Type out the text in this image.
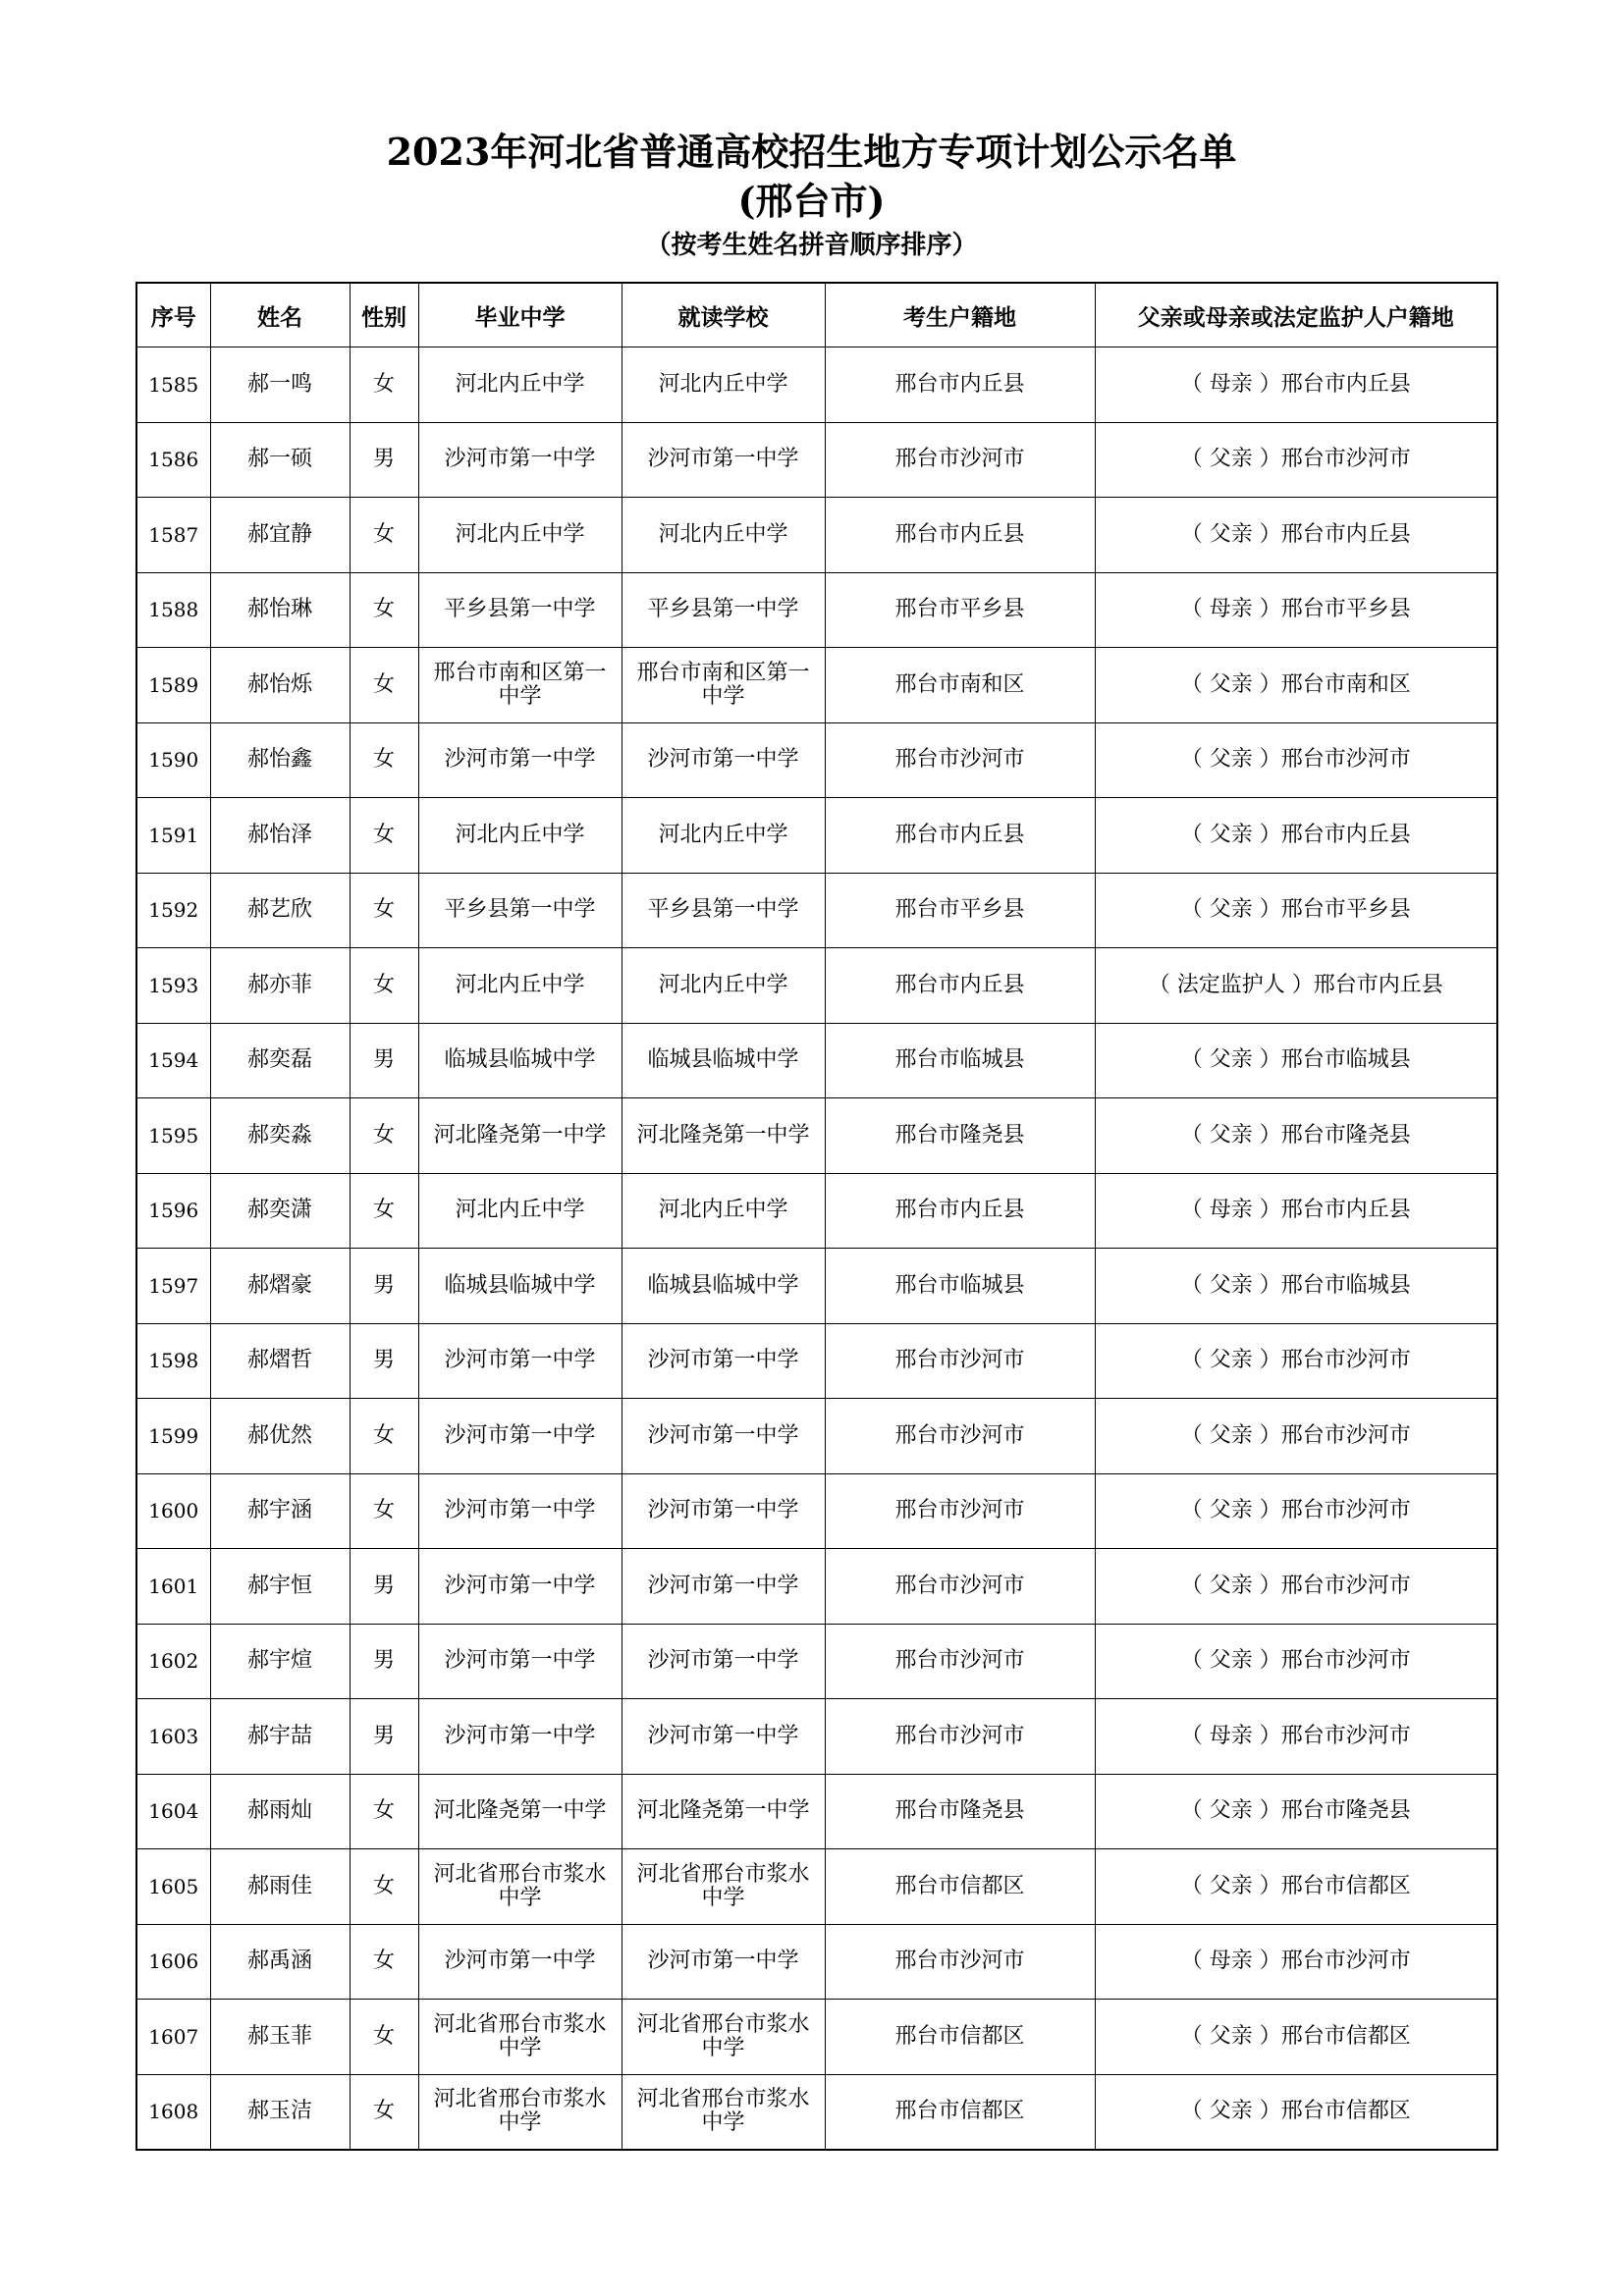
2023年河北省普通高校招生地方专项计划公示名单
(邢台市)
（按考生姓名拼音顺序排序）
序号	姓名	性别	毕业中学	就读学校	考生户籍地	父亲或母亲或法定监护人户籍地
1585	郝一鸣	女	河北内丘中学	河北内丘中学	邢台市内丘县	（ 母亲 ）邢台市内丘县
1586	郝一硕	男	沙河市第一中学	沙河市第一中学	邢台市沙河市	（ 父亲 ）邢台市沙河市
1587	郝宜静	女	河北内丘中学	河北内丘中学	邢台市内丘县	（ 父亲 ）邢台市内丘县
1588	郝怡琳	女	平乡县第一中学	平乡县第一中学	邢台市平乡县	（ 母亲 ）邢台市平乡县
1589	郝怡烁	女	邢台市南和区第一中学	邢台市南和区第一中学	邢台市南和区	（ 父亲 ）邢台市南和区
1590	郝怡鑫	女	沙河市第一中学	沙河市第一中学	邢台市沙河市	（ 父亲 ）邢台市沙河市
1591	郝怡泽	女	河北内丘中学	河北内丘中学	邢台市内丘县	（ 父亲 ）邢台市内丘县
1592	郝艺欣	女	平乡县第一中学	平乡县第一中学	邢台市平乡县	（ 父亲 ）邢台市平乡县
1593	郝亦菲	女	河北内丘中学	河北内丘中学	邢台市内丘县	（ 法定监护人 ）邢台市内丘县
1594	郝奕磊	男	临城县临城中学	临城县临城中学	邢台市临城县	（ 父亲 ）邢台市临城县
1595	郝奕淼	女	河北隆尧第一中学	河北隆尧第一中学	邢台市隆尧县	（ 父亲 ）邢台市隆尧县
1596	郝奕潇	女	河北内丘中学	河北内丘中学	邢台市内丘县	（ 母亲 ）邢台市内丘县
1597	郝熠豪	男	临城县临城中学	临城县临城中学	邢台市临城县	（ 父亲 ）邢台市临城县
1598	郝熠哲	男	沙河市第一中学	沙河市第一中学	邢台市沙河市	（ 父亲 ）邢台市沙河市
1599	郝优然	女	沙河市第一中学	沙河市第一中学	邢台市沙河市	（ 父亲 ）邢台市沙河市
1600	郝宇涵	女	沙河市第一中学	沙河市第一中学	邢台市沙河市	（ 父亲 ）邢台市沙河市
1601	郝宇恒	男	沙河市第一中学	沙河市第一中学	邢台市沙河市	（ 父亲 ）邢台市沙河市
1602	郝宇煊	男	沙河市第一中学	沙河市第一中学	邢台市沙河市	（ 父亲 ）邢台市沙河市
1603	郝宇喆	男	沙河市第一中学	沙河市第一中学	邢台市沙河市	（ 母亲 ）邢台市沙河市
1604	郝雨灿	女	河北隆尧第一中学	河北隆尧第一中学	邢台市隆尧县	（ 父亲 ）邢台市隆尧县
1605	郝雨佳	女	河北省邢台市浆水中学	河北省邢台市浆水中学	邢台市信都区	（ 父亲 ）邢台市信都区
1606	郝禹涵	女	沙河市第一中学	沙河市第一中学	邢台市沙河市	（ 母亲 ）邢台市沙河市
1607	郝玉菲	女	河北省邢台市浆水中学	河北省邢台市浆水中学	邢台市信都区	（ 父亲 ）邢台市信都区
1608	郝玉洁	女	河北省邢台市浆水中学	河北省邢台市浆水中学	邢台市信都区	（ 父亲 ）邢台市信都区
